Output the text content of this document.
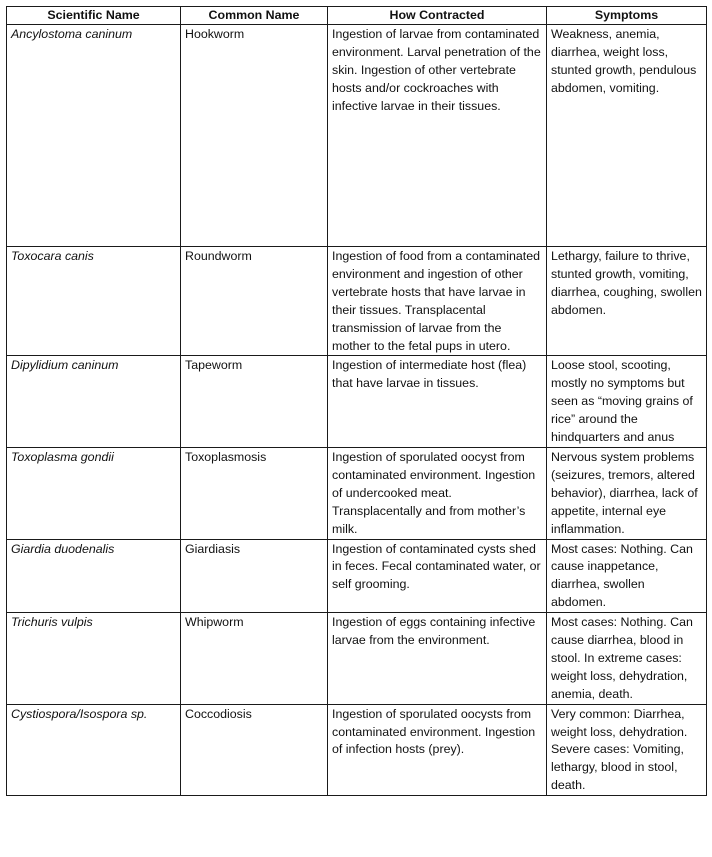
Scientific Name	Common Name	How Contracted	Symptoms
Ancylostoma caninum	Hookworm	Ingestion of larvae from contaminated environment. Larval penetration of the skin. Ingestion of other vertebrate hosts and/or cockroaches with infective larvae in their tissues.	Weakness, anemia, diarrhea, weight loss, stunted growth, pendulous abdomen, vomiting.
Toxocara canis	Roundworm	Ingestion of food from a contaminated environment and ingestion of other vertebrate hosts that have larvae in their tissues. Transplacental transmission of larvae from the mother to the fetal pups in utero.	Lethargy, failure to thrive, stunted growth, vomiting, diarrhea, coughing, swollen abdomen.
Dipylidium caninum	Tapeworm	Ingestion of intermediate host (flea) that have larvae in tissues.	Loose stool, scooting, mostly no symptoms but seen as “moving grains of rice” around the hindquarters and anus
Toxoplasma gondii	Toxoplasmosis	Ingestion of sporulated oocyst from contaminated environment. Ingestion of undercooked meat. Transplacentally and from mother’s milk.	Nervous system problems (seizures, tremors, altered behavior), diarrhea, lack of appetite, internal eye inflammation.
Giardia duodenalis	Giardiasis	Ingestion of contaminated cysts shed in feces. Fecal contaminated water, or self grooming.	Most cases: Nothing. Can cause inappetance, diarrhea, swollen abdomen.
Trichuris vulpis	Whipworm	Ingestion of eggs containing infective larvae from the environment.	Most cases: Nothing. Can cause diarrhea, blood in stool. In extreme cases: weight loss, dehydration, anemia, death.
Cystiospora/Isospora sp.	Coccodiosis	Ingestion of sporulated oocysts from contaminated environment. Ingestion of infection hosts (prey).	Very common: Diarrhea, weight loss, dehydration. Severe cases: Vomiting, lethargy, blood in stool, death.
